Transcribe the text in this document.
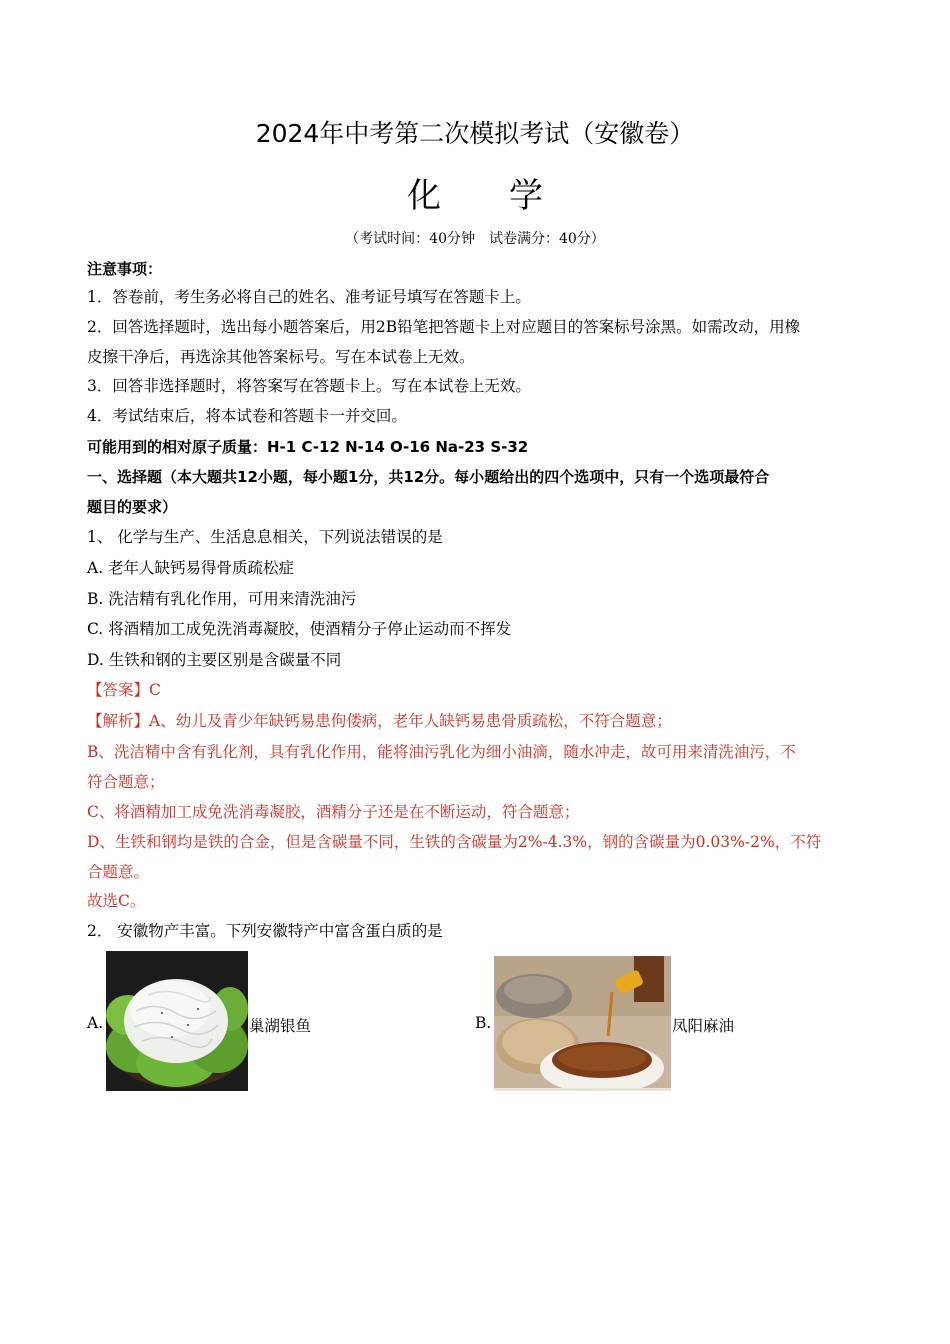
2024年中考第二次模拟考试（安徽卷）
化学
（考试时间：40分钟　试卷满分：40分）
注意事项：
1．答卷前，考生务必将自己的姓名、准考证号填写在答题卡上。
2．回答选择题时，选出每小题答案后，用2B铅笔把答题卡上对应题目的答案标号涂黑。如需改动，用橡
皮擦干净后，再选涂其他答案标号。写在本试卷上无效。
3．回答非选择题时，将答案写在答题卡上。写在本试卷上无效。
4．考试结束后，将本试卷和答题卡一并交回。
可能用到的相对原子质量：H-1 C-12 N-14 O-16 Na-23 S-32
一、选择题（本大题共12小题，每小题1分，共12分。每小题给出的四个选项中，只有一个选项最符合
题目的要求）
1、 化学与生产、生活息息相关，下列说法错误的是
A. 老年人缺钙易得骨质疏松症
B. 洗洁精有乳化作用，可用来清洗油污
C. 将酒精加工成免洗消毒凝胶，使酒精分子停止运动而不挥发
D. 生铁和钢的主要区别是含碳量不同
【答案】C
【解析】A、幼儿及青少年缺钙易患佝偻病，老年人缺钙易患骨质疏松，不符合题意；
B、洗洁精中含有乳化剂，具有乳化作用，能将油污乳化为细小油滴，随水冲走，故可用来清洗油污，不
符合题意；
C、将酒精加工成免洗消毒凝胶，酒精分子还是在不断运动，符合题意；
D、生铁和钢均是铁的合金，但是含碳量不同，生铁的含碳量为2%-4.3%，钢的含碳量为0.03%-2%，不符
合题意。
故选C。
2． 安徽物产丰富。下列安徽特产中富含蛋白质的是
A.	巢湖银鱼	B.	凤阳麻油
